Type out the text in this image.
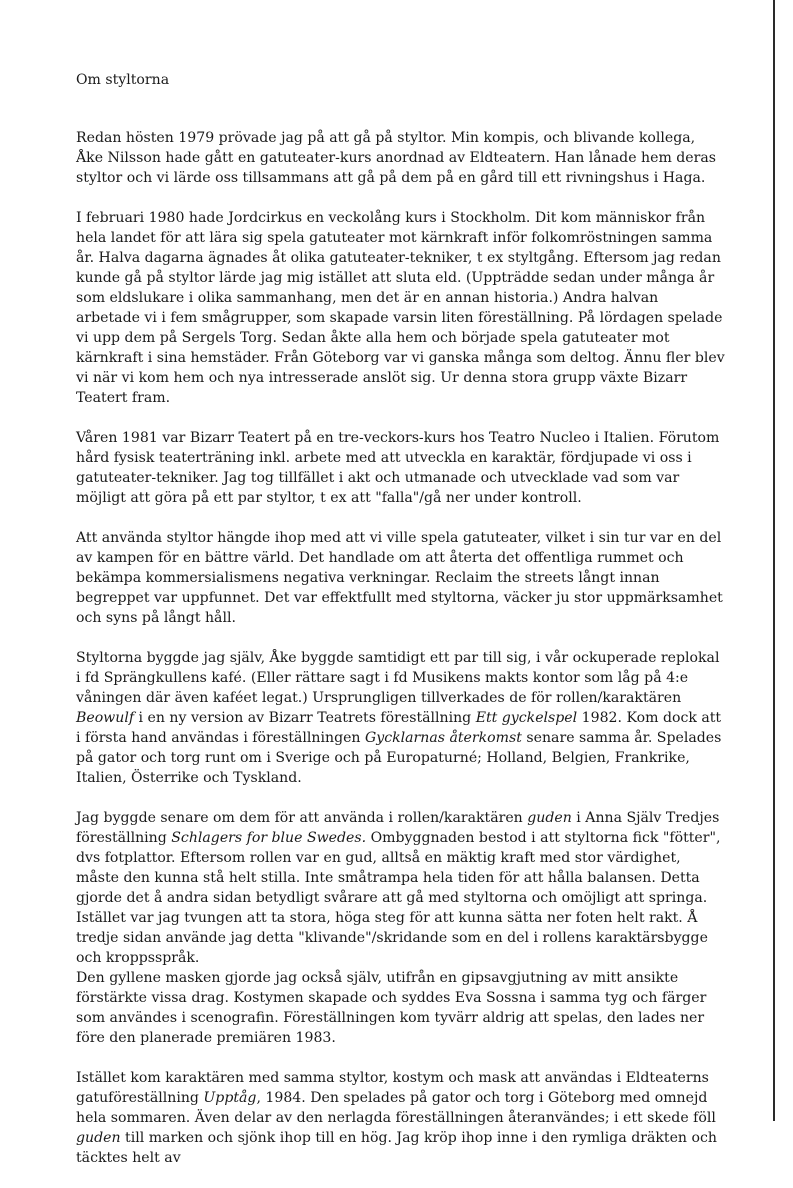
Om styltorna

Redan hösten 1979 prövade jag på att gå på styltor. Min kompis, och blivande kollega, Åke Nilsson hade gått en gatuteater-kurs anordnad av Eldteatern. Han lånade hem deras styltor och vi lärde oss tillsammans att gå på dem på en gård till ett rivningshus i Haga.

I februari 1980 hade Jordcirkus en veckolång kurs i Stockholm. Dit kom människor från hela landet för att lära sig spela gatuteater mot kärnkraft inför folkomröstningen samma år. Halva dagarna ägnades åt olika gatuteater-tekniker, t ex styltgång. Eftersom jag redan kunde gå på styltor lärde jag mig istället att sluta eld. (Uppträdde sedan under många år som eldslukare i olika sammanhang, men det är en annan historia.) Andra halvan arbetade vi i fem smågrupper, som skapade varsin liten föreställning. På lördagen spelade vi upp dem på Sergels Torg. Sedan åkte alla hem och började spela gatuteater mot kärnkraft i sina hemstäder. Från Göteborg var vi ganska många som deltog. Ännu fler blev vi när vi kom hem och nya intresserade anslöt sig. Ur denna stora grupp växte Bizarr Teatert fram.

Våren 1981 var Bizarr Teatert på en tre-veckors-kurs hos Teatro Nucleo i Italien. Förutom hård fysisk teaterträning inkl. arbete med att utveckla en karaktär, fördjupade vi oss i gatuteater-tekniker. Jag tog tillfället i akt och utmanade och utvecklade vad som var möjligt att göra på ett par styltor, t ex att "falla"/gå ner under kontroll.

Att använda styltor hängde ihop med att vi ville spela gatuteater, vilket i sin tur var en del av kampen för en bättre värld. Det handlade om att återta det offentliga rummet och bekämpa kommersialismens negativa verkningar. Reclaim the streets långt innan begreppet var uppfunnet. Det var effektfullt med styltorna, väcker ju stor uppmärksamhet och syns på långt håll.

Styltorna byggde jag själv, Åke byggde samtidigt ett par till sig, i vår ockuperade replokal i fd Sprängkullens kafé. (Eller rättare sagt i fd Musikens makts kontor som låg på 4:e våningen där även kaféet legat.) Ursprungligen tillverkades de för rollen/karaktären Beowulf i en ny version av Bizarr Teatrets föreställning Ett gyckelspel 1982. Kom dock att i första hand användas i föreställningen Gycklarnas återkomst senare samma år. Spelades på gator och torg runt om i Sverige och på Europaturné; Holland, Belgien, Frankrike, Italien, Österrike och Tyskland.

Jag byggde senare om dem för att använda i rollen/karaktären guden i Anna Själv Tredjes föreställning Schlagers for blue Swedes. Ombyggnaden bestod i att styltorna fick "fötter", dvs fotplattor. Eftersom rollen var en gud, alltså en mäktig kraft med stor värdighet, måste den kunna stå helt stilla. Inte småtrampa hela tiden för att hålla balansen. Detta gjorde det å andra sidan betydligt svårare att gå med styltorna och omöjligt att springa. Istället var jag tvungen att ta stora, höga steg för att kunna sätta ner foten helt rakt. Å tredje sidan använde jag detta "klivande"/skridande som en del i rollens karaktärsbygge och kroppsspråk.

Den gyllene masken gjorde jag också själv, utifrån en gipsavgjutning av mitt ansikte förstärkte vissa drag. Kostymen skapade och syddes Eva Sossna i samma tyg och färger som användes i scenografin. Föreställningen kom tyvärr aldrig att spelas, den lades ner före den planerade premiären 1983.

Istället kom karaktären med samma styltor, kostym och mask att användas i Eldteaterns gatuföreställning Upptåg, 1984. Den spelades på gator och torg i Göteborg med omnejd hela sommaren. Även delar av den nerlagda föreställningen återanvändes; i ett skede föll guden till marken och sjönk ihop till en hög. Jag kröp ihop inne i den rymliga dräkten och täcktes helt av
